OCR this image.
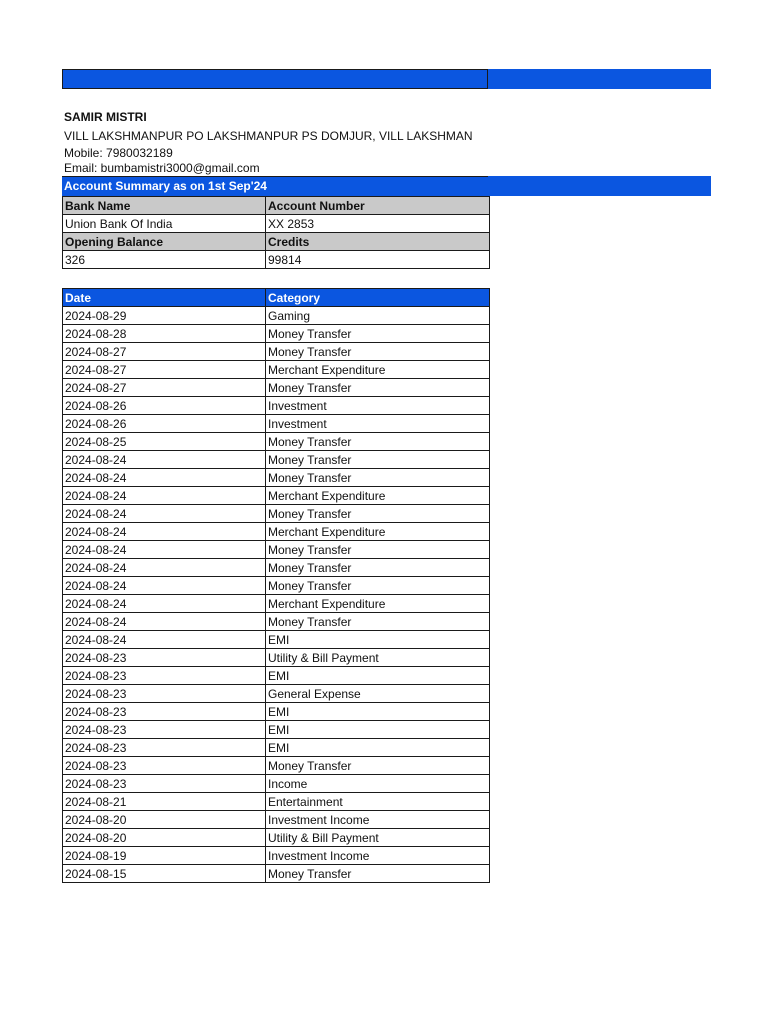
SAMIR MISTRI
VILL LAKSHMANPUR PO LAKSHMANPUR PS DOMJUR, VILL LAKSHMAN
Mobile: 7980032189
Email: bumbamistri3000@gmail.com
Account Summary as on 1st Sep'24
Bank Name	Account Number
Union Bank Of India	XX 2853
Opening Balance	Credits
326	99814
Date	Category
2024-08-29	Gaming
2024-08-28	Money Transfer
2024-08-27	Money Transfer
2024-08-27	Merchant Expenditure
2024-08-27	Money Transfer
2024-08-26	Investment
2024-08-26	Investment
2024-08-25	Money Transfer
2024-08-24	Money Transfer
2024-08-24	Money Transfer
2024-08-24	Merchant Expenditure
2024-08-24	Money Transfer
2024-08-24	Merchant Expenditure
2024-08-24	Money Transfer
2024-08-24	Money Transfer
2024-08-24	Money Transfer
2024-08-24	Merchant Expenditure
2024-08-24	Money Transfer
2024-08-24	EMI
2024-08-23	Utility & Bill Payment
2024-08-23	EMI
2024-08-23	General Expense
2024-08-23	EMI
2024-08-23	EMI
2024-08-23	EMI
2024-08-23	Money Transfer
2024-08-23	Income
2024-08-21	Entertainment
2024-08-20	Investment Income
2024-08-20	Utility & Bill Payment
2024-08-19	Investment Income
2024-08-15	Money Transfer
